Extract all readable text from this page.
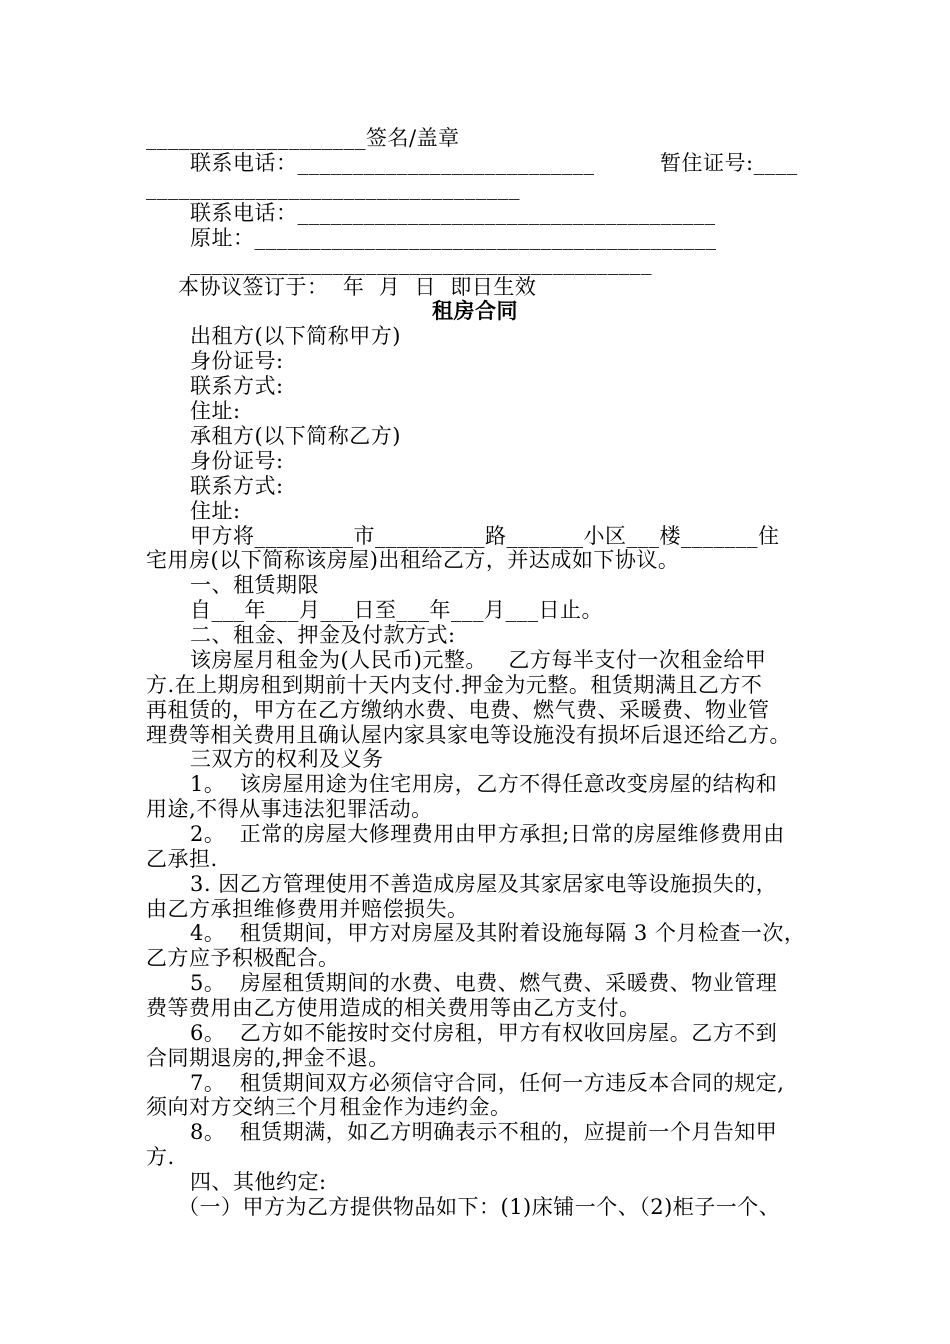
____________________签名/盖章
联系电话：___________________________	暂住证号:____
__________________________________
联系电话：______________________________________
原址：__________________________________________
__________________________________________
本协议签订于：  年  月  日  即日生效
租房合同
出租方(以下简称甲方)
身份证号:
联系方式:
住址:
承租方(以下简称乙方)
身份证号:
联系方式:
住址:
甲方将_________市__________路_______小区___楼_______住
宅用房(以下简称该房屋)出租给乙方，并达成如下协议。
一、租赁期限
自___年___月___日至___年___月___日止。
二、租金、押金及付款方式:
该房屋月租金为(人民币)元整。   乙方每半支付一次租金给甲
方.在上期房租到期前十天内支付.押金为元整。租赁期满且乙方不
再租赁的，甲方在乙方缴纳水费、电费、燃气费、采暖费、物业管
理费等相关费用且确认屋内家具家电等设施没有损坏后退还给乙方。
三双方的权利及义务
1。  该房屋用途为住宅用房，乙方不得任意改变房屋的结构和
用途,不得从事违法犯罪活动。
2。  正常的房屋大修理费用由甲方承担;日常的房屋维修费用由
乙承担.
3. 因乙方管理使用不善造成房屋及其家居家电等设施损失的，
由乙方承担维修费用并赔偿损失。
4。  租赁期间，甲方对房屋及其附着设施每隔 3 个月检查一次，
乙方应予积极配合。
5。  房屋租赁期间的水费、电费、燃气费、采暖费、物业管理
费等费用由乙方使用造成的相关费用等由乙方支付。
6。  乙方如不能按时交付房租，甲方有权收回房屋。乙方不到
合同期退房的,押金不退。
7。  租赁期间双方必须信守合同，任何一方违反本合同的规定,
须向对方交纳三个月租金作为违约金。
8。  租赁期满，如乙方明确表示不租的，应提前一个月告知甲
方.
四、其他约定:
（一）甲方为乙方提供物品如下：(1)床铺一个、（2)柜子一个、
